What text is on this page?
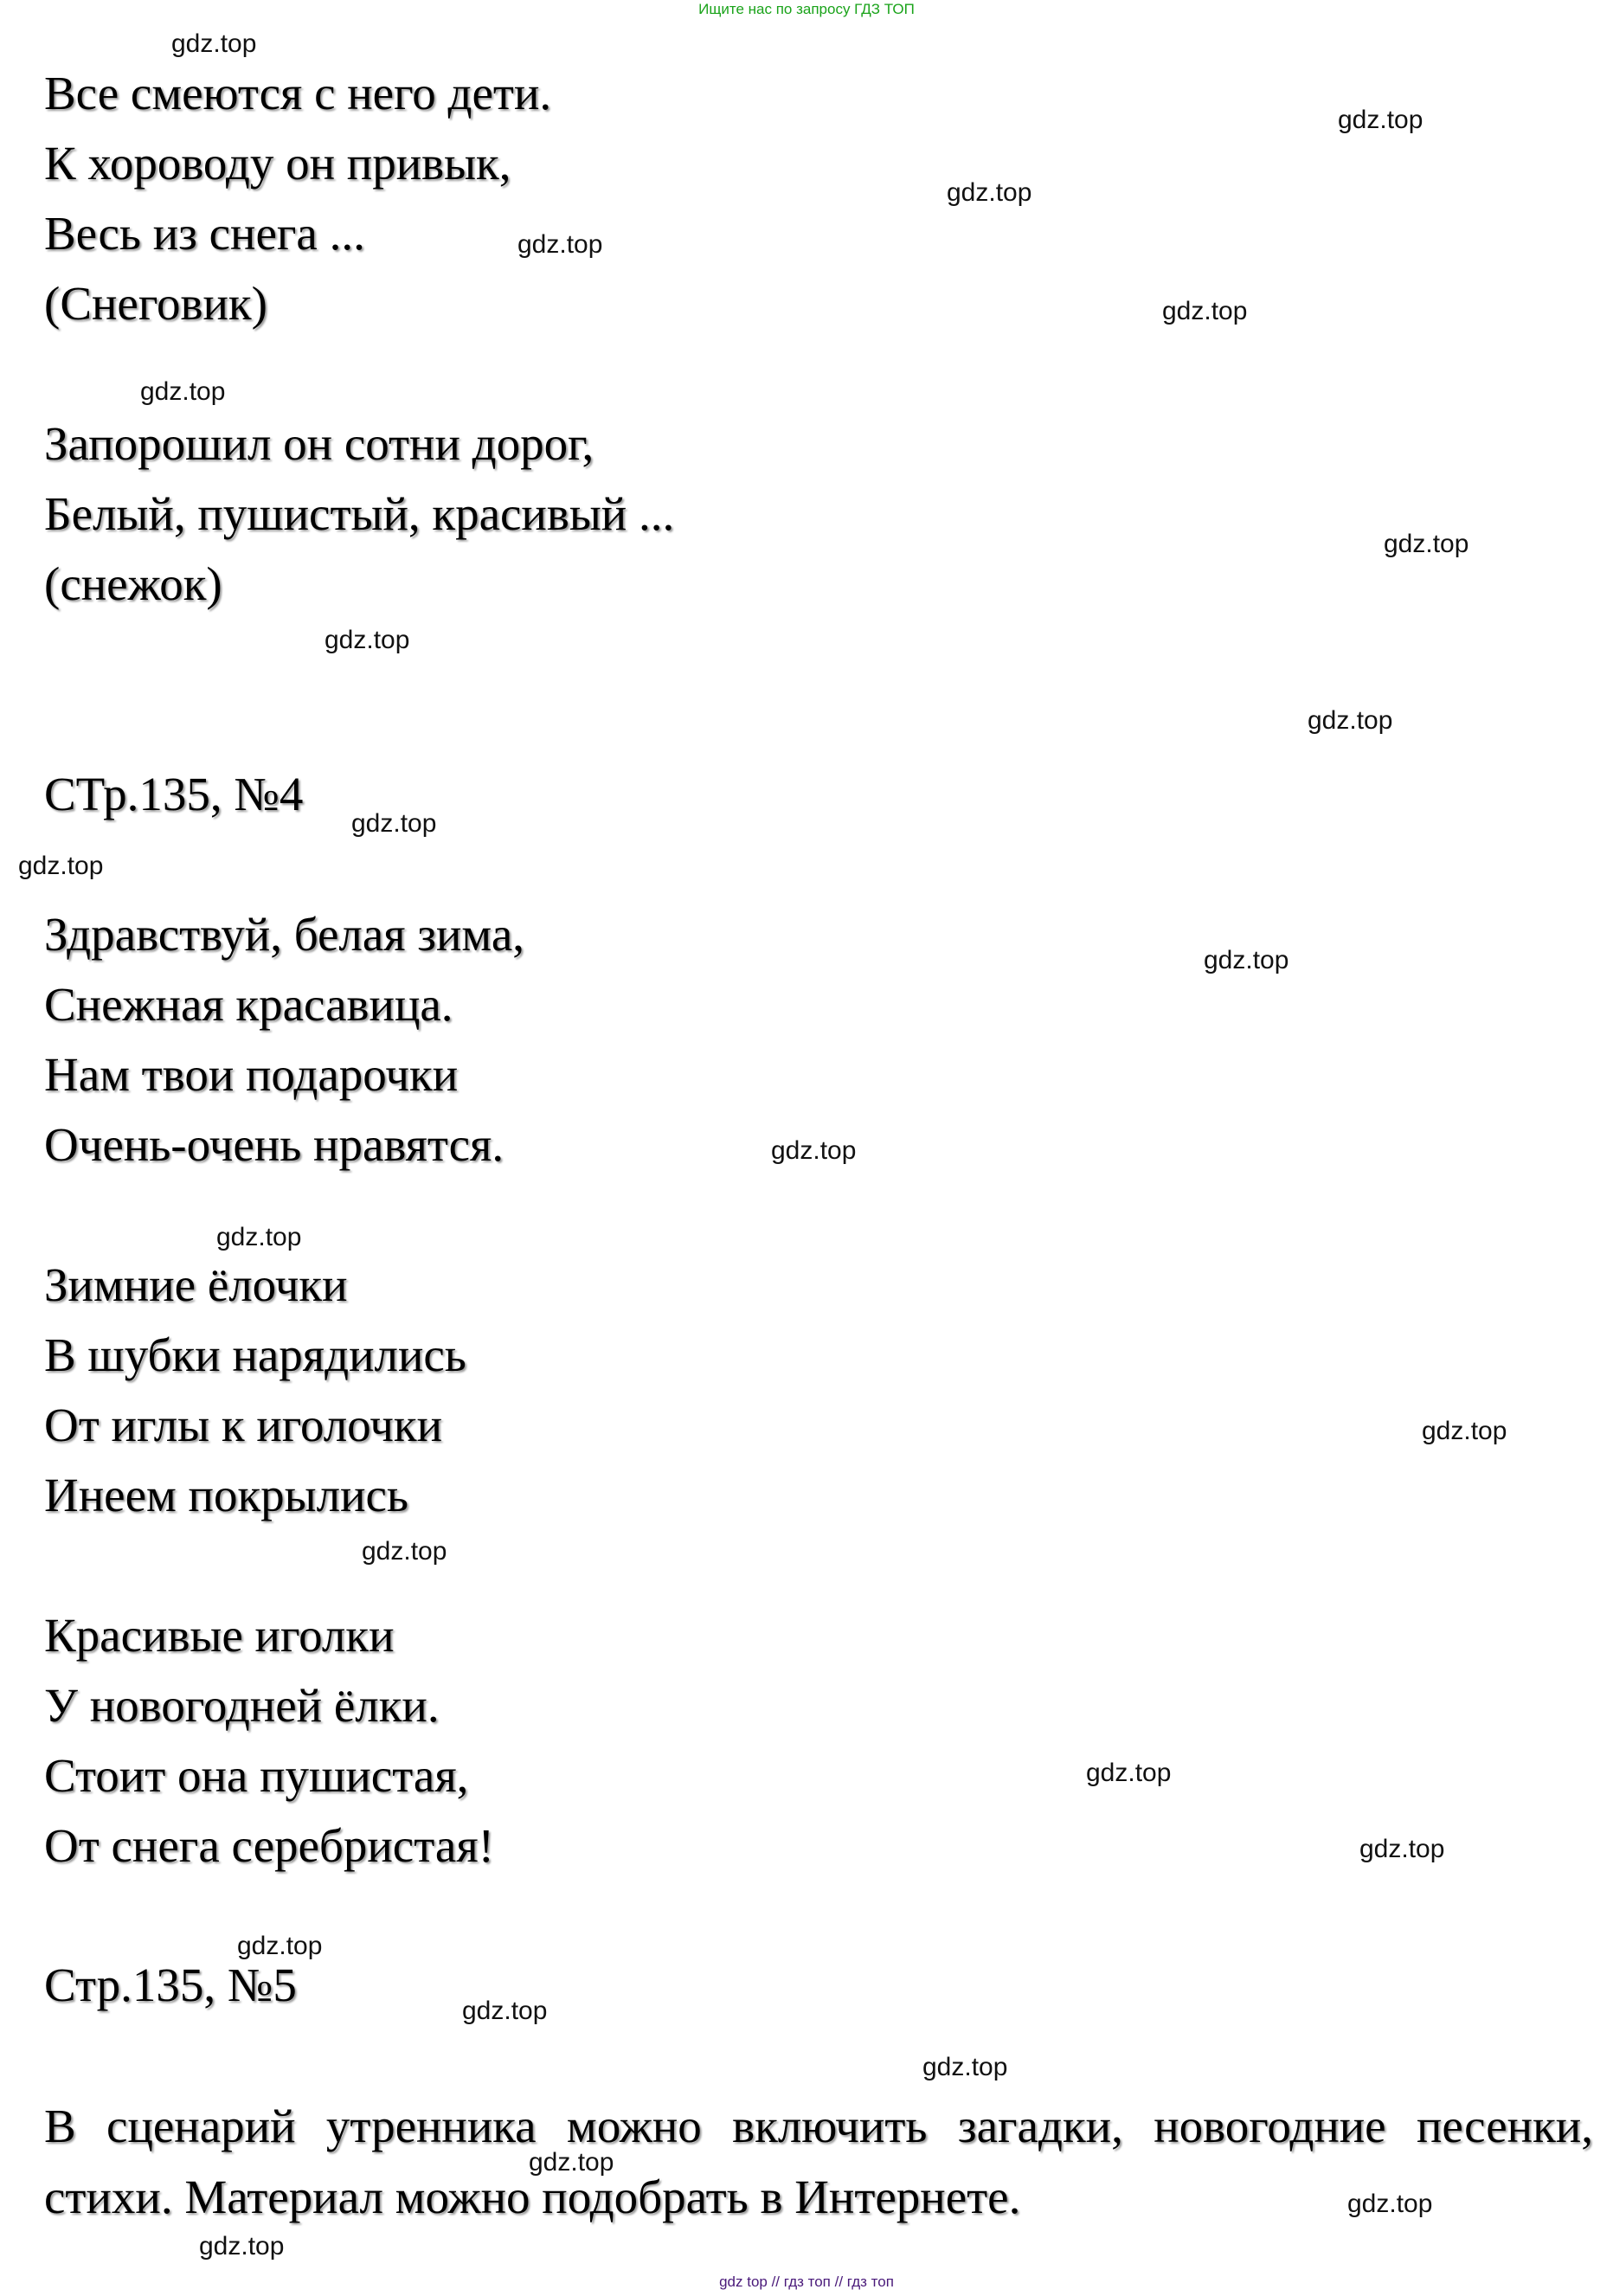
Ищите нас по запросу ГДЗ ТОП
Все смеются с него дети.
К хороводу он привык,
Весь из снега ...
(Снеговик)
Запорошил он сотни дорог,
Белый, пушистый, красивый ...
(снежок)
СТр.135, №4
Здравствуй, белая зима,
Снежная красавица.
Нам твои подарочки
Очень-очень нравятся.
Зимние ёлочки
В шубки нарядились
От иглы к иголочки
Инеем покрылись
Красивые иголки
У новогодней ёлки.
Стоит она пушистая,
От снега серебристая!
Стр.135, №5
В сценарий утренника можно включить загадки, новогодние песенки, стихи. Материал можно подобрать в Интернете.
gdz.top
gdz.top
gdz.top
gdz.top
gdz.top
gdz.top
gdz.top
gdz.top
gdz.top
gdz.top
gdz.top
gdz.top
gdz.top
gdz.top
gdz.top
gdz.top
gdz.top
gdz.top
gdz.top
gdz.top
gdz.top
gdz.top
gdz.top
gdz.top
gdz top // гдз топ // гдз топ
